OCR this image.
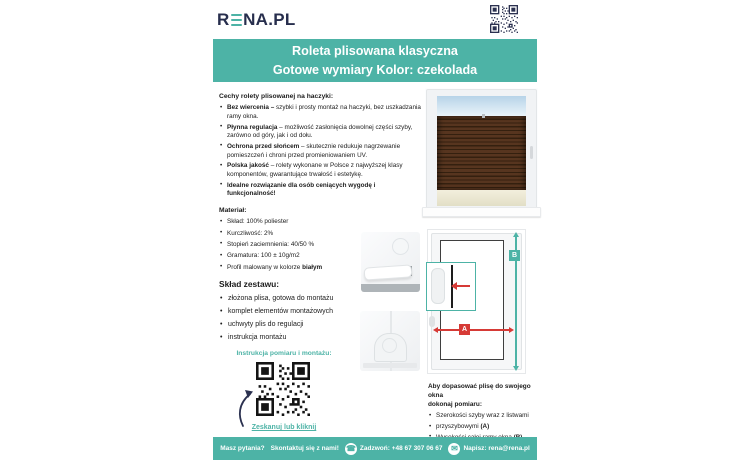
R NA.PL
Roleta plisowana klasyczna
Gotowe wymiary Kolor: czekolada
Cechy rolety plisowanej na haczyki:
• Bez wiercenia – szybki i prosty montaż na haczyki, bez uszkadzania ramy okna.
• Płynna regulacja – możliwość zasłonięcia dowolnej części szyby, zarówno od góry, jak i od dołu.
• Ochrona przed słońcem – skutecznie redukuje nagrzewanie pomieszczeń i chroni przed promieniowaniem UV.
• Polska jakość – rolety wykonane w Polsce z najwyższej klasy komponentów, gwarantujące trwałość i estetykę.
• Idealne rozwiązanie dla osób ceniących wygodę i funkcjonalność!
Materiał:
• Skład: 100% poliester
• Kurczliwość: 2%
• Stopień zaciemnienia: 40/50 %
• Gramatura: 100 ± 10g/m2
• Profil malowany w kolorze białym
Skład zestawu:
• złożona plisa, gotowa do montażu
• komplet elementów montażowych
• uchwyty plis do regulacji
• instrukcja montażu
Instrukcja pomiaru i montażu:
Zeskanuj lub kliknij
B
A
Aby dopasować plisę do swojego okna
dokonaj pomiaru:
• Szerokości szyby wraz z listwami
• przyszybowymi (A)
•
Masz pytania? Skontaktuj się z nami! ☎ Zadzwoń: +48 67 307 06 67	✉ Napisz: rena@rena.pl
